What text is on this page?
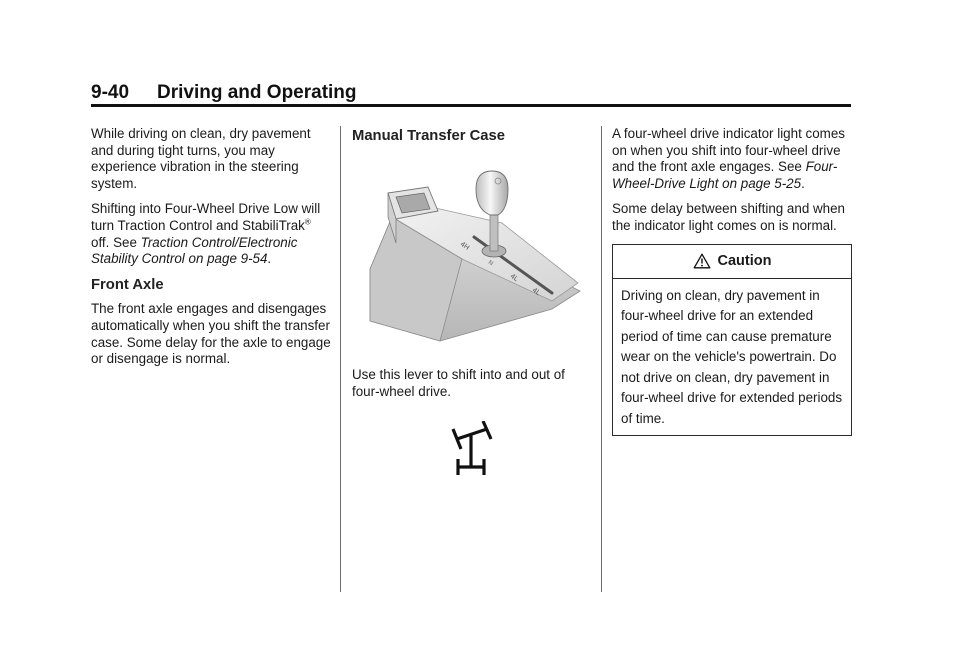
9-40 Driving and Operating

While driving on clean, dry pavement and during tight turns, you may experience vibration in the steering system.

Shifting into Four-Wheel Drive Low will turn Traction Control and StabiliTrak® off. See Traction Control/Electronic Stability Control on page 9-54.

Front Axle

The front axle engages and disengages automatically when you shift the transfer case. Some delay for the axle to engage or disengage is normal.

Manual Transfer Case
4H
N
4L
4L

Use this lever to shift into and out of four-wheel drive.

A four-wheel drive indicator light comes on when you shift into four-wheel drive and the front axle engages. See Four-Wheel-Drive Light on page 5-25.

Some delay between shifting and when the indicator light comes on is normal.

Caution

Driving on clean, dry pavement in four-wheel drive for an extended period of time can cause premature wear on the vehicle's powertrain. Do not drive on clean, dry pavement in four-wheel drive for extended periods of time.
